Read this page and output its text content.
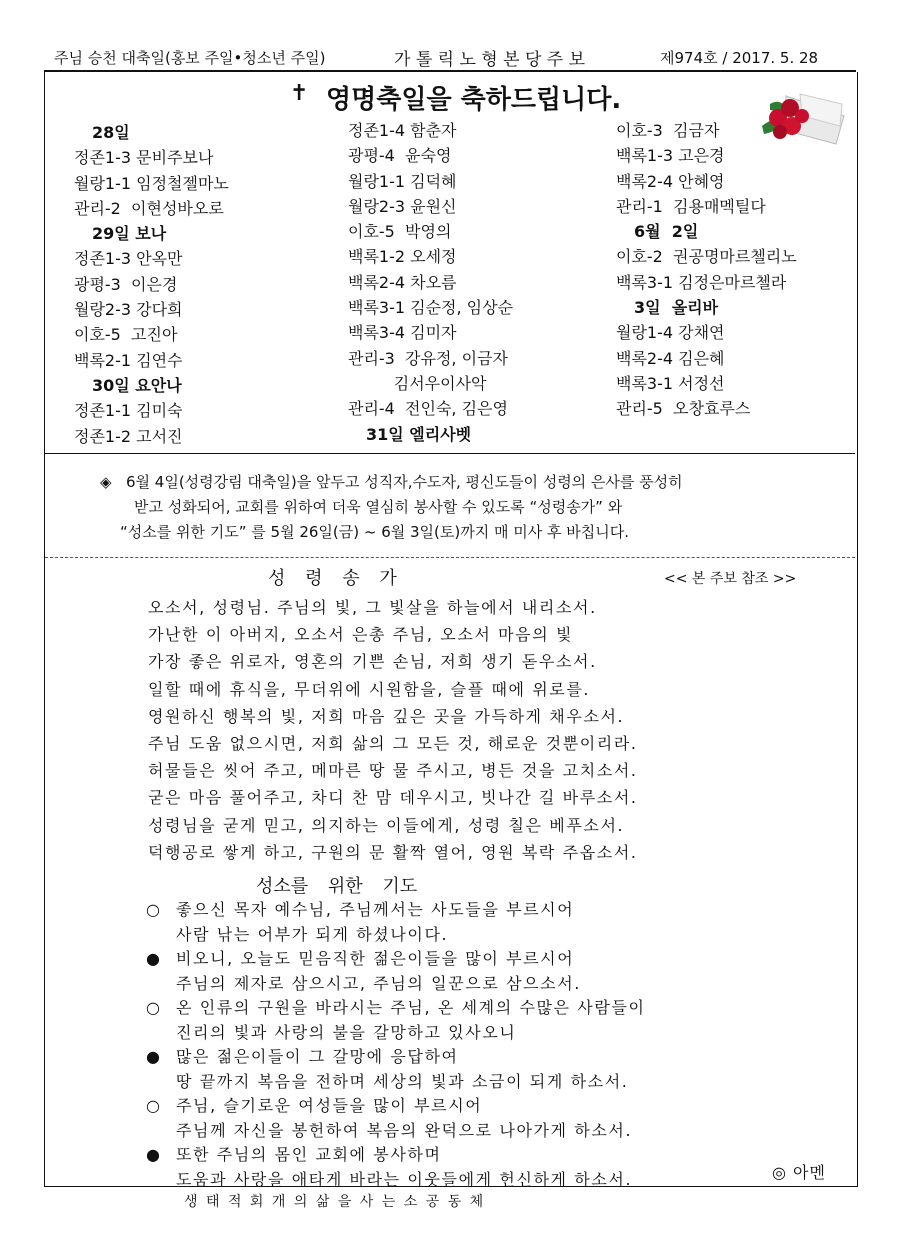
주님 승천 대축일(홍보 주일•청소년 주일)	가 톨 릭 노 형 본 당 주 보	제974호 / 2017. 5. 28
✝ 영명축일을 축하드립니다.
28일
정존1-3 문비주보나
월랑1-1 임정철젤마노
관리-2  이현성바오로
29일 보나
정존1-3 안옥만
광평-3  이은경
월랑2-3 강다희
이호-5  고진아
백록2-1 김연수
30일 요안나
정존1-1 김미숙
정존1-2 고서진
정존1-4 함춘자
광평-4  윤숙영
월랑1-1 김덕혜
월랑2-3 윤원신
이호-5  박영의
백록1-2 오세정
백록2-4 차오름
백록3-1 김순정, 임상순
백록3-4 김미자
관리-3  강유정, 이금자
김서우이사악
관리-4  전인숙, 김은영
31일 엘리사벳
이호-3  김금자
백록1-3 고은경
백록2-4 안혜영
관리-1  김용매멕틸다
6월  2일
이호-2  권공명마르첼리노
백록3-1 김정은마르첼라
3일  올리바
월랑1-4 강채연
백록2-4 김은혜
백록3-1 서정선
관리-5  오창효루스
◈ 6월 4일(성령강림 대축일)을 앞두고 성직자,수도자, 평신도들이 성령의 은사를 풍성히
받고 성화되어, 교회를 위하여 더욱 열심히 봉사할 수 있도록 “성령송가” 와
“성소를 위한 기도” 를 5월 26일(금) ~ 6월 3일(토)까지 매 미사 후 바칩니다.
성 령 송 가	<< 본 주보 참조 >>
오소서, 성령님. 주님의 빛, 그 빛살을 하늘에서 내리소서.
가난한 이 아버지, 오소서 은총 주님, 오소서 마음의 빛
가장 좋은 위로자, 영혼의 기쁜 손님, 저희 생기 돋우소서.
일할 때에 휴식을, 무더위에 시원함을, 슬플 때에 위로를.
영원하신 행복의 빛, 저희 마음 깊은 곳을 가득하게 채우소서.
주님 도움 없으시면, 저희 삶의 그 모든 것, 해로운 것뿐이리라.
허물들은 씻어 주고, 메마른 땅 물 주시고, 병든 것을 고치소서.
굳은 마음 풀어주고, 차디 찬 맘 데우시고, 빗나간 길 바루소서.
성령님을 굳게 믿고, 의지하는 이들에게, 성령 칠은 베푸소서.
덕행공로 쌓게 하고, 구원의 문 활짝 열어, 영원 복락 주옵소서.
성소를 위한 기도
○ 좋으신 목자 예수님, 주님께서는 사도들을 부르시어
사람 낚는 어부가 되게 하셨나이다.
● 비오니, 오늘도 믿음직한 젊은이들을 많이 부르시어
주님의 제자로 삼으시고, 주님의 일꾼으로 삼으소서.
○ 온 인류의 구원을 바라시는 주님, 온 세계의 수많은 사람들이
진리의 빛과 사랑의 불을 갈망하고 있사오니
● 많은 젊은이들이 그 갈망에 응답하여
땅 끝까지 복음을 전하며 세상의 빛과 소금이 되게 하소서.
○ 주님, 슬기로운 여성들을 많이 부르시어
주님께 자신을 봉헌하여 복음의 완덕으로 나아가게 하소서.
● 또한 주님의 몸인 교회에 봉사하며
도움과 사랑을 애타게 바라는 이웃들에게 헌신하게 하소서.	◎ 아멘
생 태 적 회 개 의 삶 을 사 는 소 공 동 체
